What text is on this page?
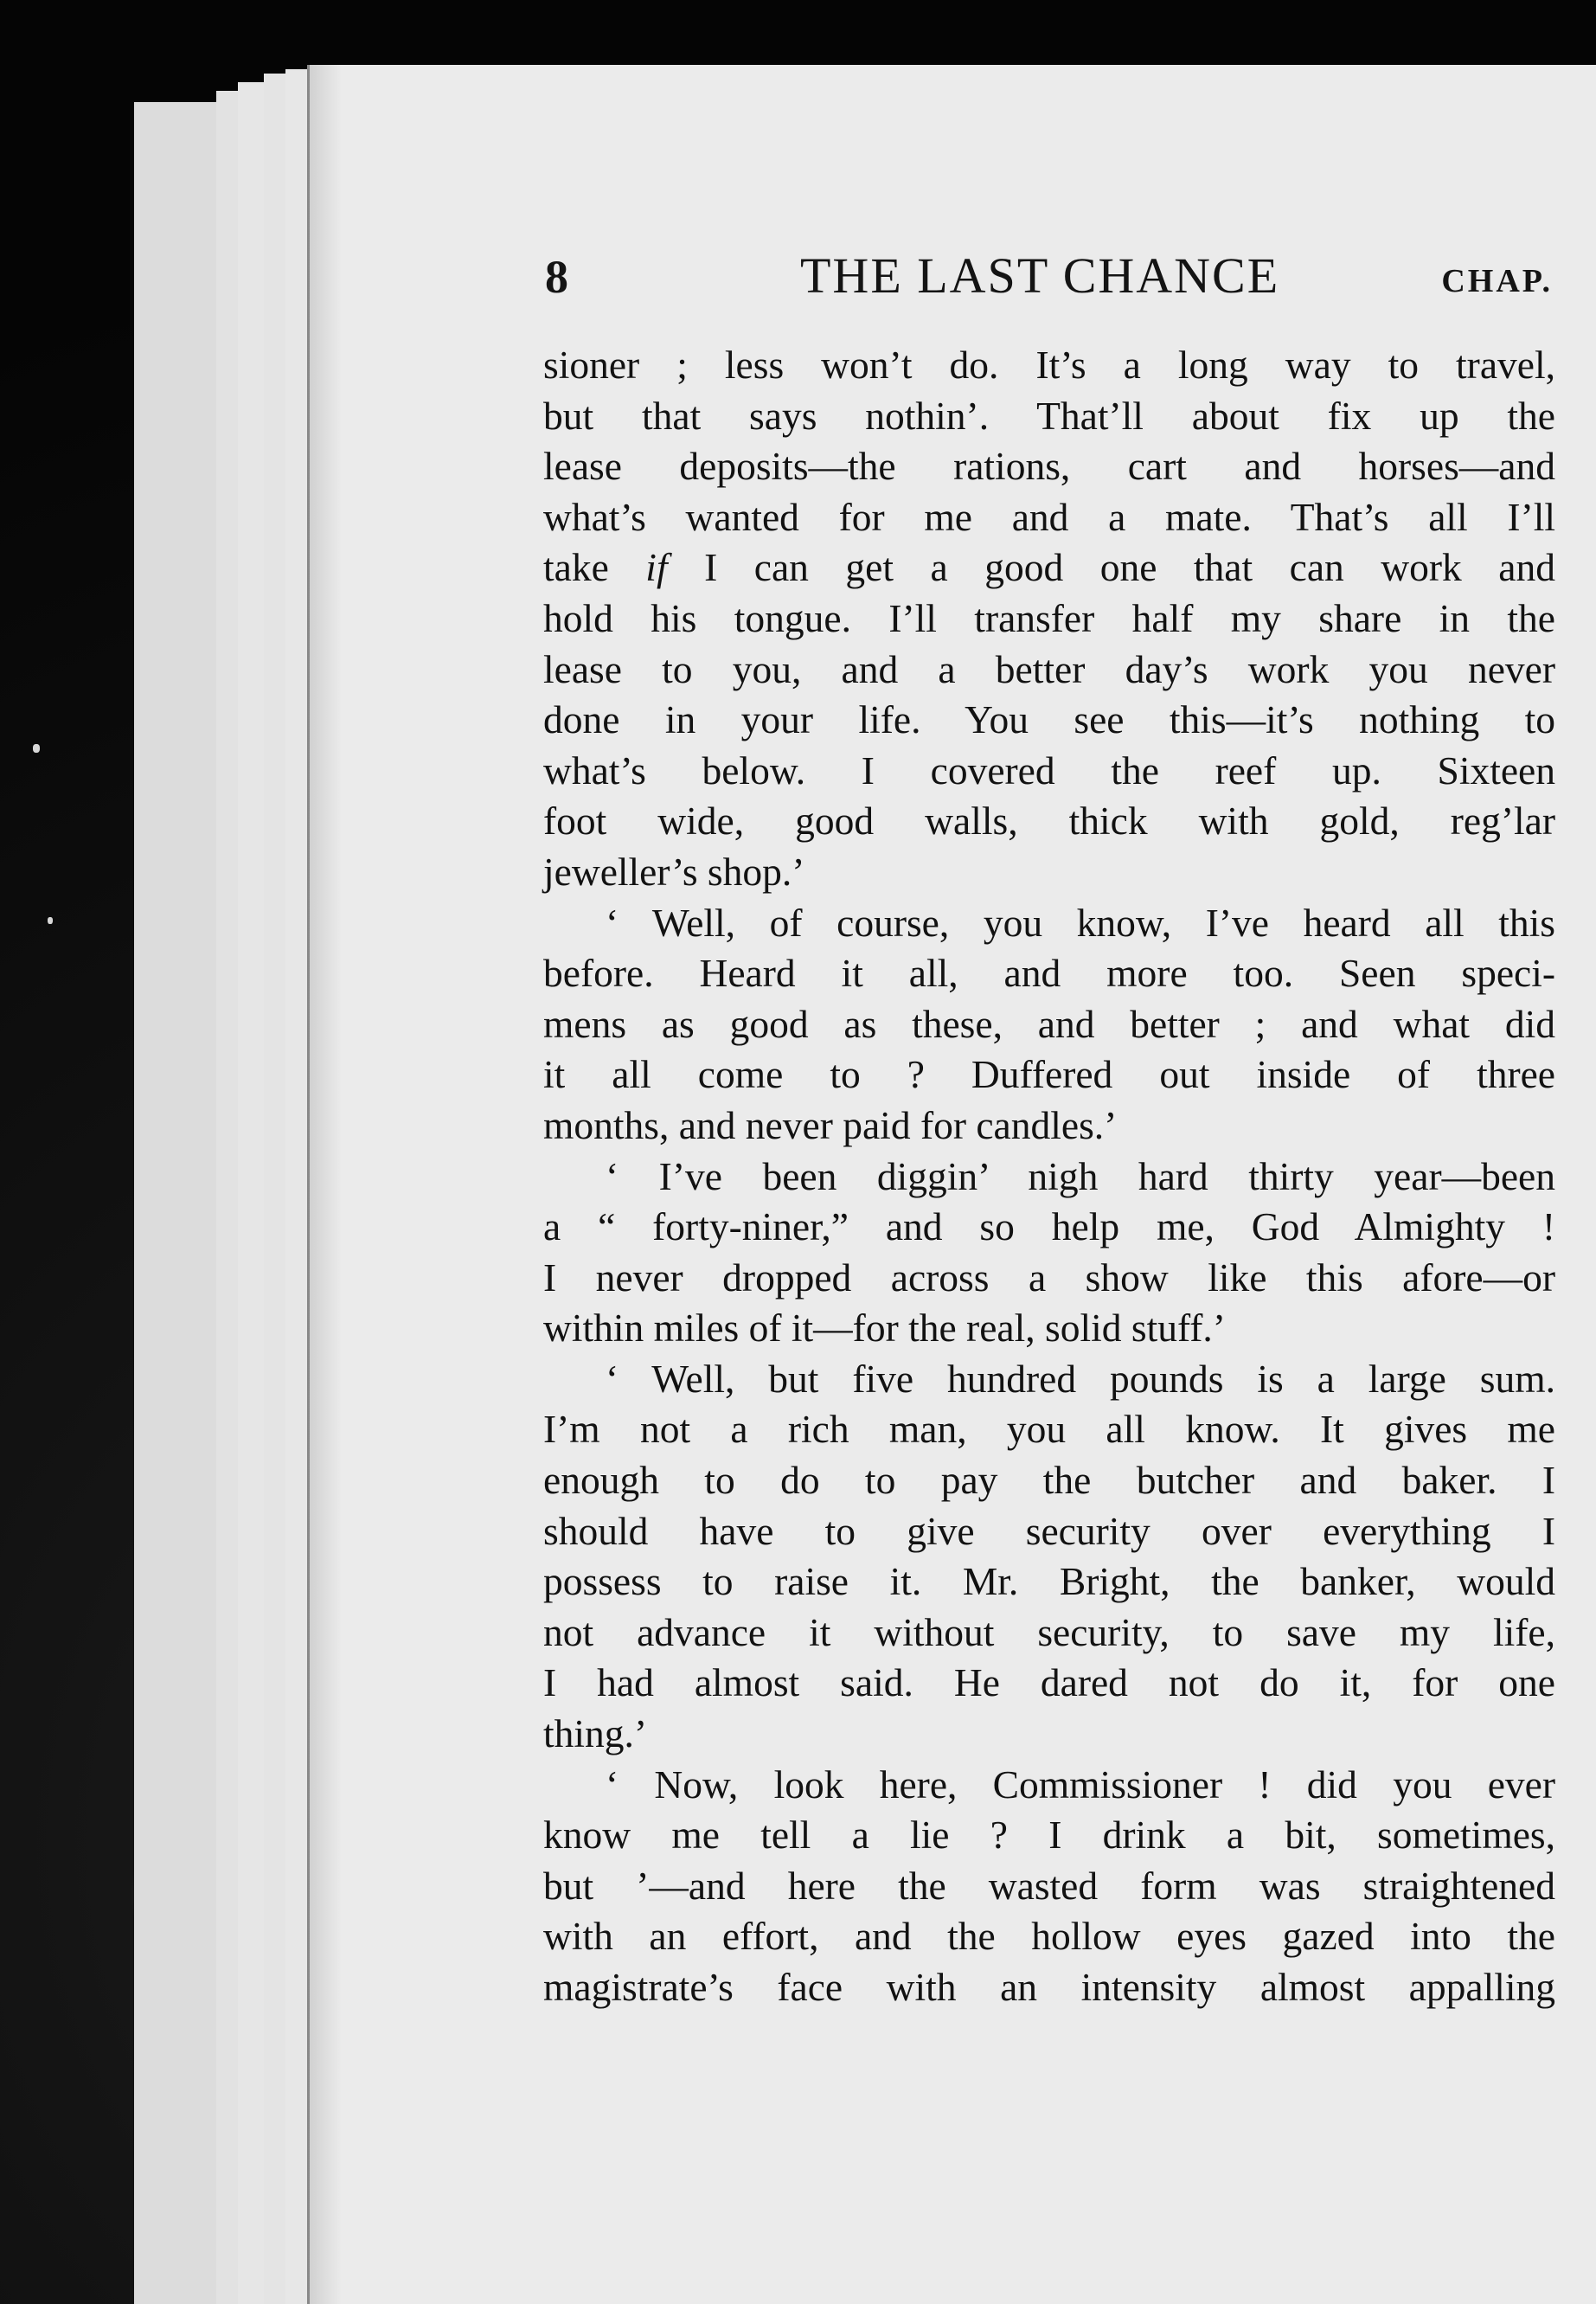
8	THE LAST CHANCE	CHAP.
sioner ; less won’t do. It’s a long way to travel,
but that says nothin’. That’ll about fix up the
lease deposits—the rations, cart and horses—and
what’s wanted for me and a mate. That’s all I’ll
take if I can get a good one that can work and
hold his tongue. I’ll transfer half my share in the
lease to you, and a better day’s work you never
done in your life. You see this—it’s nothing to
what’s below. I covered the reef up. Sixteen
foot wide, good walls, thick with gold, reg’lar
jeweller’s shop.’
‘ Well, of course, you know, I’ve heard all this
before. Heard it all, and more too. Seen speci-
mens as good as these, and better ; and what did
it all come to ? Duffered out inside of three
months, and never paid for candles.’
‘ I’ve been diggin’ nigh hard thirty year—been
a “ forty-niner,” and so help me, God Almighty !
I never dropped across a show like this afore—or
within miles of it—for the real, solid stuff.’
‘ Well, but five hundred pounds is a large sum.
I’m not a rich man, you all know. It gives me
enough to do to pay the butcher and baker. I
should have to give security over everything I
possess to raise it. Mr. Bright, the banker, would
not advance it without security, to save my life,
I had almost said. He dared not do it, for one
thing.’
‘ Now, look here, Commissioner ! did you ever
know me tell a lie ? I drink a bit, sometimes,
but ’—and here the wasted form was straightened
with an effort, and the hollow eyes gazed into the
magistrate’s face with an intensity almost appalling
